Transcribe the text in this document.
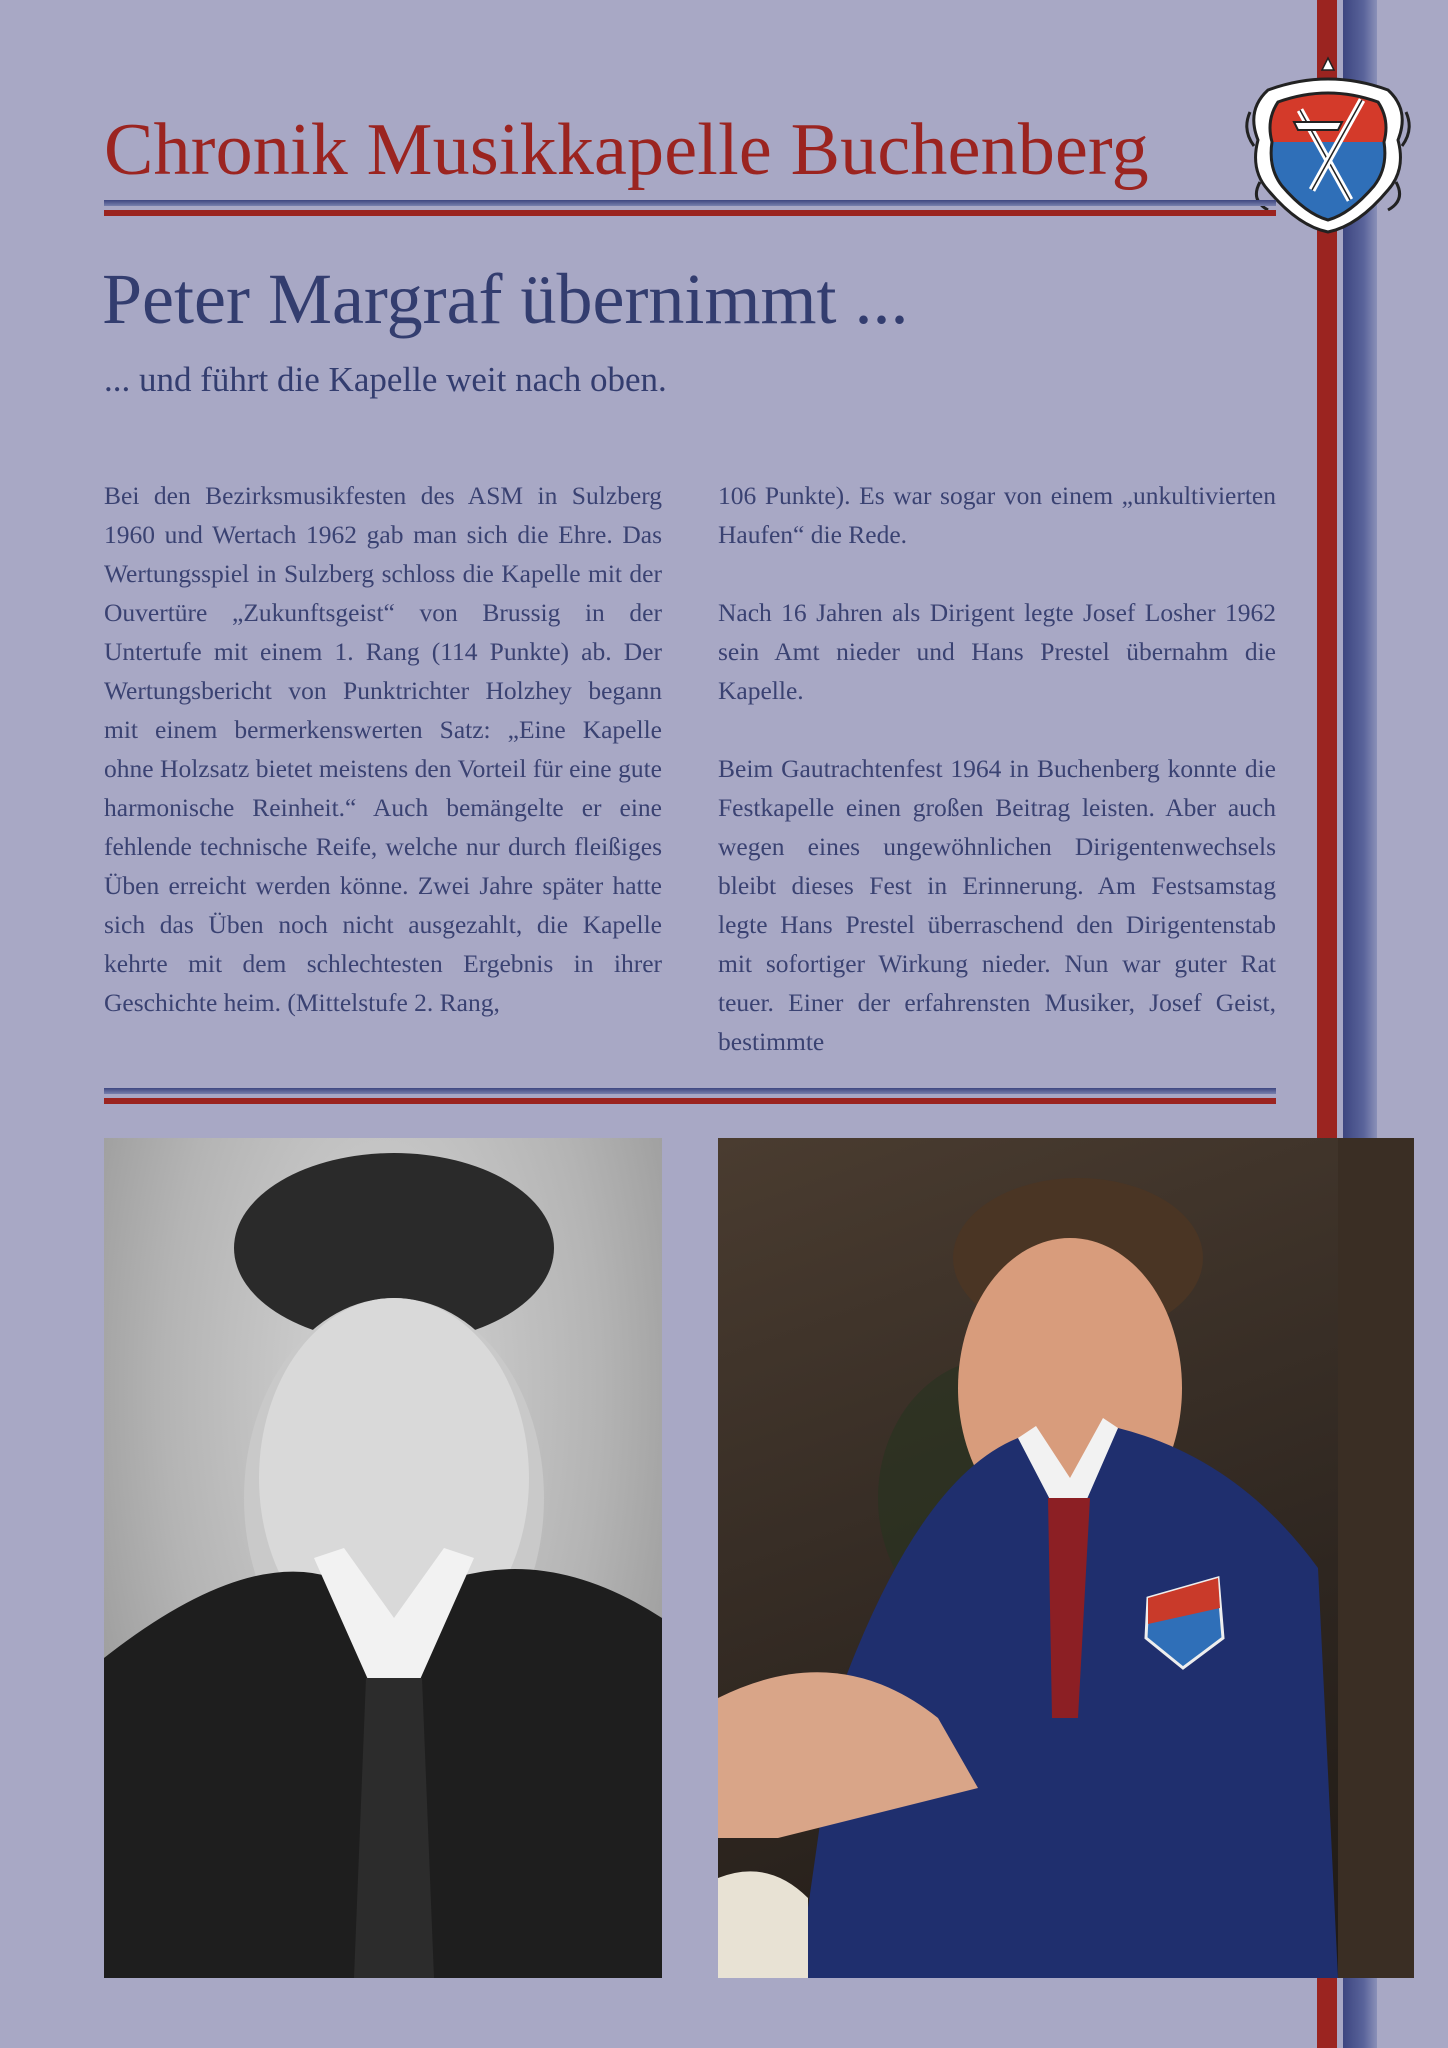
Chronik Musikkapelle Buchenberg
Peter Margraf übernimmt ...

... und führt die Kapelle weit nach oben.

Bei den Bezirksmusikfesten des ASM in Sulzberg 1960 und Wertach 1962 gab man sich die Ehre. Das Wertungsspiel in Sulzberg schloss die Kapelle mit der Ouvertüre „Zukunftsgeist“ von Brussig in der Untertufe mit einem 1. Rang (114 Punkte) ab. Der Wertungsbericht von Punktrichter Holzhey begann mit einem bermerkenswerten Satz: „Eine Kapelle ohne Holzsatz bietet meistens den Vorteil für eine gute harmonische Reinheit.“ Auch bemängelte er eine fehlende technische Reife, welche nur durch fleißiges Üben erreicht werden könne. Zwei Jahre später hatte sich das Üben noch nicht ausgezahlt, die Kapelle kehrte mit dem schlechtesten Ergebnis in ihrer Geschichte heim. (Mittelstufe 2. Rang,

106 Punkte). Es war sogar von einem „unkultivierten Haufen“ die Rede.

Nach 16 Jahren als Dirigent legte Josef Losher 1962 sein Amt nieder und Hans Prestel übernahm die Kapelle.

Beim Gautrachtenfest 1964 in Buchenberg konnte die Festkapelle einen großen Beitrag leisten. Aber auch wegen eines ungewöhnlichen Dirigentenwechsels bleibt dieses Fest in Erinnerung. Am Festsamstag legte Hans Prestel überraschend den Dirigentenstab mit sofortiger Wirkung nieder. Nun war guter Rat teuer. Einer der erfahrensten Musiker, Josef Geist, bestimmte
